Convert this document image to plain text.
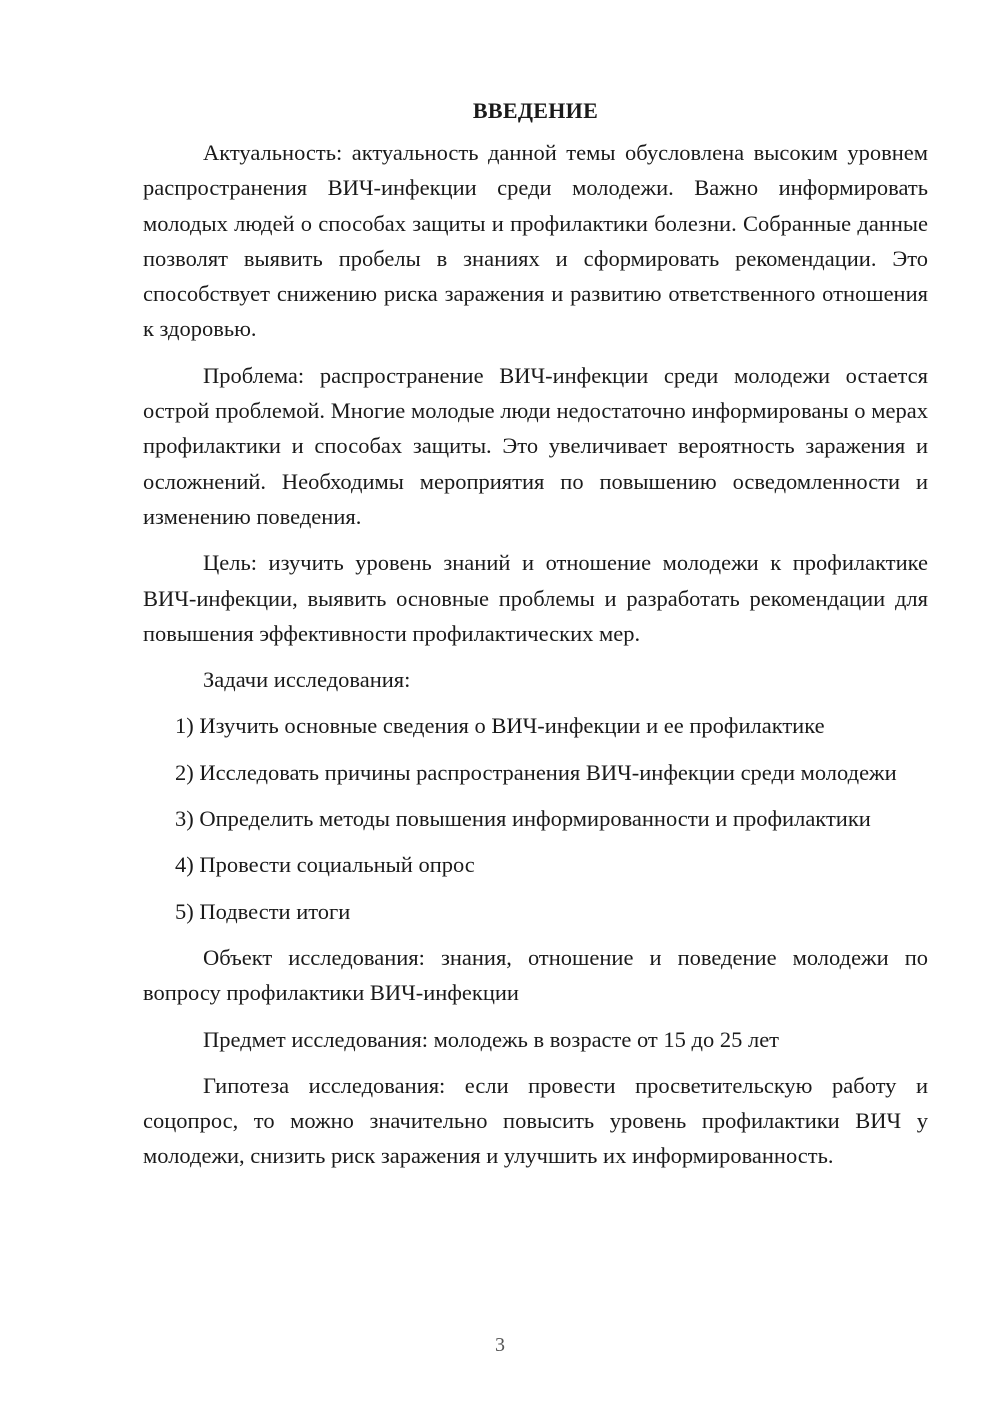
ВВЕДЕНИЕ

Актуальность: актуальность данной темы обусловлена высоким уровнем распространения ВИЧ-инфекции среди молодежи. Важно информировать молодых людей о способах защиты и профилактики болезни. Собранные данные позволят выявить пробелы в знаниях и сформировать рекомендации. Это способствует снижению риска заражения и развитию ответственного отношения к здоровью.

Проблема: распространение ВИЧ-инфекции среди молодежи остается острой проблемой. Многие молодые люди недостаточно информированы о мерах профилактики и способах защиты. Это увеличивает вероятность заражения и осложнений. Необходимы мероприятия по повышению осведомленности и изменению поведения.

Цель: изучить уровень знаний и отношение молодежи к профилактике ВИЧ-инфекции, выявить основные проблемы и разработать рекомендации для повышения эффективности профилактических мер.

Задачи исследования:

1) Изучить основные сведения о ВИЧ-инфекции и ее профилактике

2) Исследовать причины распространения ВИЧ-инфекции среди молодежи

3) Определить методы повышения информированности и профилактики

4) Провести социальный опрос

5) Подвести итоги

Объект исследования: знания, отношение и поведение молодежи по вопросу профилактики ВИЧ-инфекции

Предмет исследования: молодежь в возрасте от 15 до 25 лет

Гипотеза исследования: если провести просветительскую работу и соцопрос, то можно значительно повысить уровень профилактики ВИЧ у молодежи, снизить риск заражения и улучшить их информированность.

3
